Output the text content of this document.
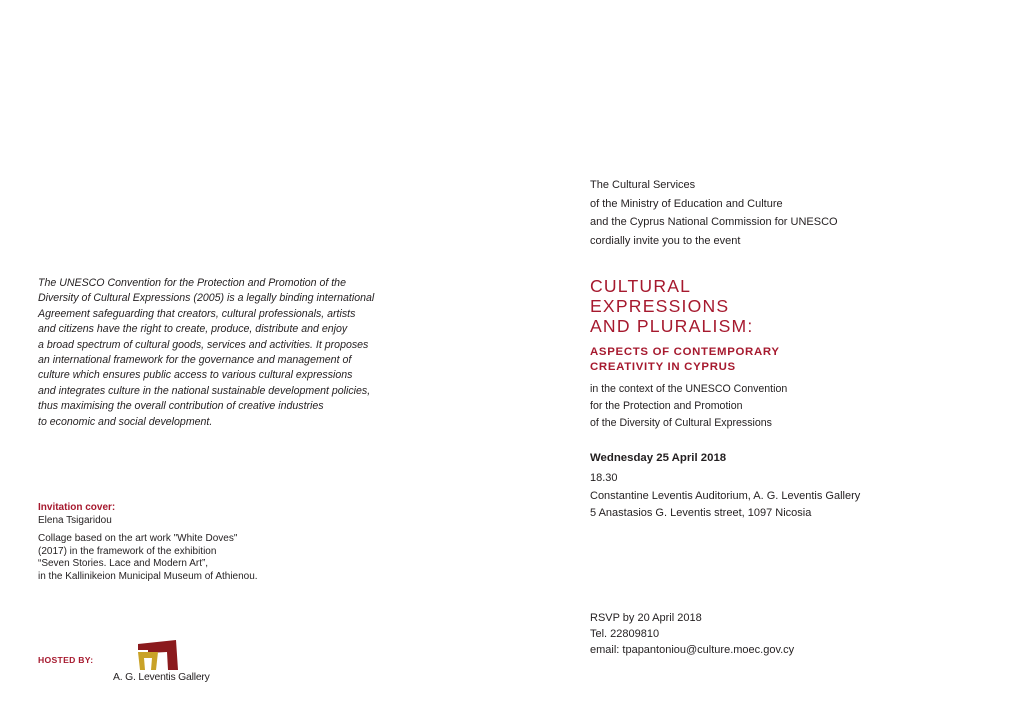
The UNESCO Convention for the Protection and Promotion of the
Diversity of Cultural Expressions (2005) is a legally binding international
Agreement safeguarding that creators, cultural professionals, artists
and citizens have the right to create, produce, distribute and enjoy
a broad spectrum of cultural goods, services and activities. It proposes
an international framework for the governance and management of
culture which ensures public access to various cultural expressions
and integrates culture in the national sustainable development policies,
thus maximising the overall contribution of creative industries
to economic and social development.
Invitation cover:
Elena Tsigaridou
Collage based on the art work "White Doves"
(2017) in the framework of the exhibition
“Seven Stories. Lace and Modern Art”,
in the Kallinikeion Municipal Museum of Athienou.
HOSTED BY:
A. G. Leventis Gallery
The Cultural Services
of the Ministry of Education and Culture
and the Cyprus National Commission for UNESCO
cordially invite you to the event
CULTURAL
EXPRESSIONS
AND PLURALISM:
ASPECTS OF CONTEMPORARY
CREATIVITY IN CYPRUS
in the context of the UNESCO Convention
for the Protection and Promotion
of the Diversity of Cultural Expressions
Wednesday 25 April 2018
18.30
Constantine Leventis Auditorium, A. G. Leventis Gallery
5 Anastasios G. Leventis street, 1097 Nicosia
RSVP by 20 April 2018
Tel. 22809810
email: tpapantoniou@culture.moec.gov.cy
